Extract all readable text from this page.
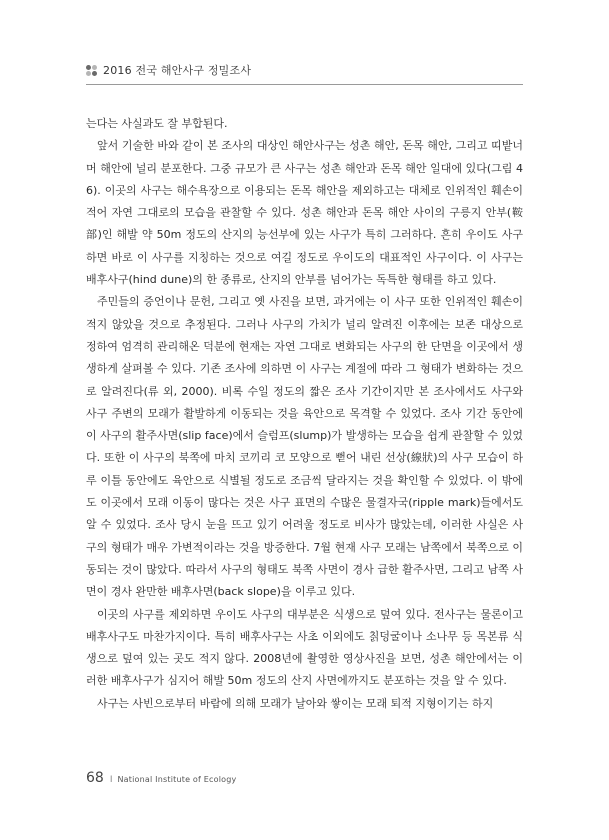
2016 전국 해안사구 정밀조사

는다는 사실과도 잘 부합된다.

앞서 기술한 바와 같이 본 조사의 대상인 해안사구는 성촌 해안, 돈목 해안, 그리고 띠밭너머 해안에 널리 분포한다. 그중 규모가 큰 사구는 성촌 해안과 돈목 해안 일대에 있다(그림 46). 이곳의 사구는 해수욕장으로 이용되는 돈목 해안을 제외하고는 대체로 인위적인 훼손이 적어 자연 그대로의 모습을 관찰할 수 있다. 성촌 해안과 돈목 해안 사이의 구릉지 안부(鞍部)인 해발 약 50m 정도의 산지의 능선부에 있는 사구가 특히 그러하다. 흔히 우이도 사구하면 바로 이 사구를 지칭하는 것으로 여길 정도로 우이도의 대표적인 사구이다. 이 사구는 배후사구(hind dune)의 한 종류로, 산지의 안부를 넘어가는 독특한 형태를 하고 있다.

주민들의 증언이나 문헌, 그리고 옛 사진을 보면, 과거에는 이 사구 또한 인위적인 훼손이 적지 않았을 것으로 추정된다. 그러나 사구의 가치가 널리 알려진 이후에는 보존 대상으로 정하여 엄격히 관리해온 덕분에 현재는 자연 그대로 변화되는 사구의 한 단면을 이곳에서 생생하게 살펴볼 수 있다. 기존 조사에 의하면 이 사구는 계절에 따라 그 형태가 변화하는 것으로 알려진다(류 외, 2000). 비록 수일 정도의 짧은 조사 기간이지만 본 조사에서도 사구와 사구 주변의 모래가 활발하게 이동되는 것을 육안으로 목격할 수 있었다. 조사 기간 동안에 이 사구의 활주사면(slip face)에서 슬럼프(slump)가 발생하는 모습을 쉽게 관찰할 수 있었다. 또한 이 사구의 북쪽에 마치 코끼리 코 모양으로 뻗어 내린 선상(線狀)의 사구 모습이 하루 이틀 동안에도 육안으로 식별될 정도로 조금씩 달라지는 것을 확인할 수 있었다. 이 밖에도 이곳에서 모래 이동이 많다는 것은 사구 표면의 수많은 물결자국(ripple mark)들에서도 알 수 있었다. 조사 당시 눈을 뜨고 있기 어려울 정도로 비사가 많았는데, 이러한 사실은 사구의 형태가 매우 가변적이라는 것을 방증한다. 7월 현재 사구 모래는 남쪽에서 북쪽으로 이동되는 것이 많았다. 따라서 사구의 형태도 북쪽 사면이 경사 급한 활주사면, 그리고 남쪽 사면이 경사 완만한 배후사면(back slope)을 이루고 있다.

이곳의 사구를 제외하면 우이도 사구의 대부분은 식생으로 덮여 있다. 전사구는 물론이고 배후사구도 마찬가지이다. 특히 배후사구는 사초 이외에도 칡덩굴이나 소나무 등 목본류 식생으로 덮여 있는 곳도 적지 않다. 2008년에 촬영한 영상사진을 보면, 성촌 해안에서는 이러한 배후사구가 심지어 해발 50m 정도의 산지 사면에까지도 분포하는 것을 알 수 있다.

사구는 사빈으로부터 바람에 의해 모래가 날아와 쌓이는 모래 퇴적 지형이기는 하지

68 I National Institute of Ecology
